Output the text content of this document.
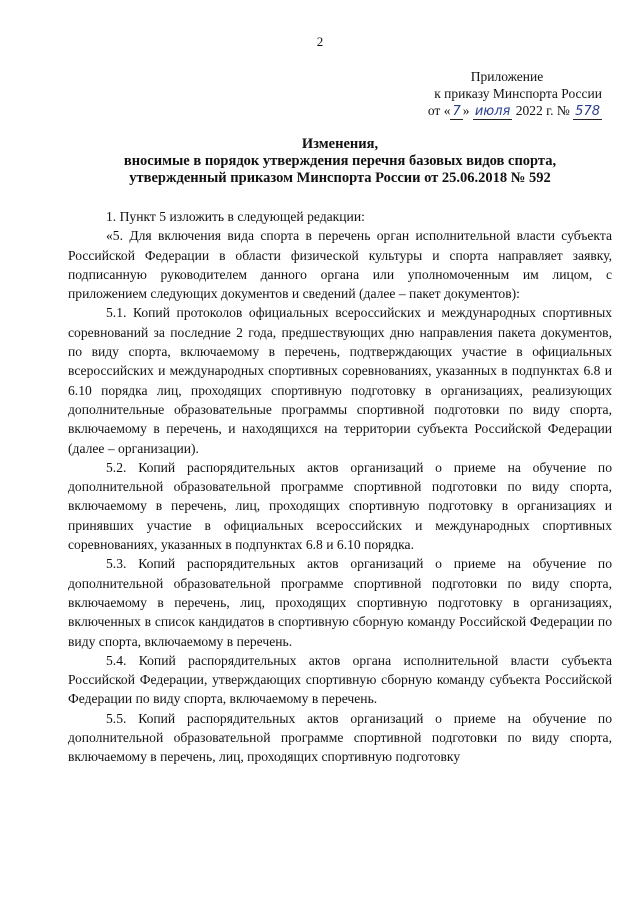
2
Приложение
к приказу Минспорта России
от « 7 » июля 2022 г. № 578
Изменения,
вносимые в порядок утверждения перечня базовых видов спорта,
утвержденный приказом Минспорта России от 25.06.2018 № 592

1. Пункт 5 изложить в следующей редакции:

«5. Для включения вида спорта в перечень орган исполнительной власти субъекта Российской Федерации в области физической культуры и спорта направляет заявку, подписанную руководителем данного органа или уполномоченным им лицом, с приложением следующих документов и сведений (далее – пакет документов):

5.1. Копий протоколов официальных всероссийских и международных спортивных соревнований за последние 2 года, предшествующих дню направления пакета документов, по виду спорта, включаемому в перечень, подтверждающих участие в официальных всероссийских и международных спортивных соревнованиях, указанных в подпунктах 6.8 и 6.10 порядка лиц, проходящих спортивную подготовку в организациях, реализующих дополнительные образовательные программы спортивной подготовки по виду спорта, включаемому в перечень, и находящихся на территории субъекта Российской Федерации (далее – организации).

5.2. Копий распорядительных актов организаций о приеме на обучение по дополнительной образовательной программе спортивной подготовки по виду спорта, включаемому в перечень, лиц, проходящих спортивную подготовку в организациях и принявших участие в официальных всероссийских и международных спортивных соревнованиях, указанных в подпунктах 6.8 и 6.10 порядка.

5.3. Копий распорядительных актов организаций о приеме на обучение по дополнительной образовательной программе спортивной подготовки по виду спорта, включаемому в перечень, лиц, проходящих спортивную подготовку в организациях, включенных в список кандидатов в спортивную сборную команду Российской Федерации по виду спорта, включаемому в перечень.

5.4. Копий распорядительных актов органа исполнительной власти субъекта Российской Федерации, утверждающих спортивную сборную команду субъекта Российской Федерации по виду спорта, включаемому в перечень.

5.5. Копий распорядительных актов организаций о приеме на обучение по дополнительной образовательной программе спортивной подготовки по виду спорта, включаемому в перечень, лиц, проходящих спортивную подготовку
